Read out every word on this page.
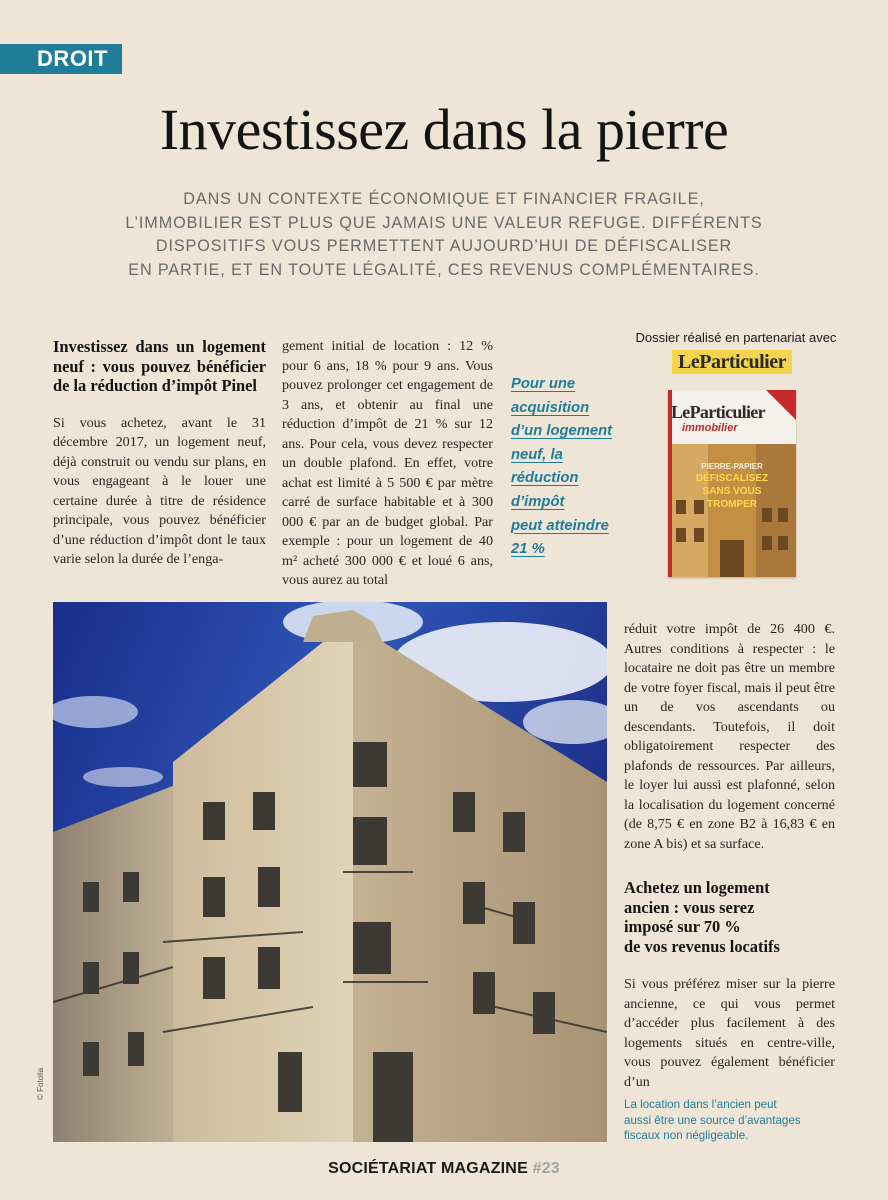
DROIT
Investissez dans la pierre
DANS UN CONTEXTE ÉCONOMIQUE ET FINANCIER FRAGILE,
L’IMMOBILIER EST PLUS QUE JAMAIS UNE VALEUR REFUGE. DIFFÉRENTS
DISPOSITIFS VOUS PERMETTENT AUJOURD’HUI DE DÉFISCALISER
EN PARTIE, ET EN TOUTE LÉGALITÉ, CES REVENUS COMPLÉMENTAIRES.
Investissez dans un logement neuf : vous pouvez bénéficier de la réduction d’impôt Pinel

Si vous achetez, avant le 31 décembre 2017, un logement neuf, déjà construit ou vendu sur plans, en vous engageant à le louer une certaine durée à titre de résidence principale, vous pouvez bénéficier d’une réduction d’impôt dont le taux varie selon la durée de l’enga-

gement initial de location : 12 % pour 6 ans, 18 % pour 9 ans. Vous pouvez prolonger cet engagement de 3 ans, et obtenir au final une réduction d’impôt de 21 % sur 12 ans. Pour cela, vous devez respecter un double plafond. En effet, votre achat est limité à 5 500 € par mètre carré de surface habitable et à 300 000 € par an de budget global. Par exemple : pour un logement de 40 m² acheté 300 000 € et loué 6 ans, vous aurez au total

Pour une
acquisition
d’un logement
neuf, la
réduction
d’impôt
peut atteindre
21 %
Dossier réalisé en partenariat avec
LeParticulier
LeParticulier
immobilier
PIERRE-PAPIER
DÉFISCALISEZ
SANS VOUS
TROMPER
© Fotolia

réduit votre impôt de 26 400 €. Autres conditions à respecter : le locataire ne doit pas être un membre de votre foyer fiscal, mais il peut être un de vos ascendants ou descendants. Toutefois, il doit obligatoirement respecter des plafonds de ressources. Par ailleurs, le loyer lui aussi est plafonné, selon la localisation du logement concerné (de 8,75 € en zone B2 à 16,83 € en zone A bis) et sa surface.

Achetez un logement
ancien : vous serez
imposé sur 70 %
de vos revenus locatifs

Si vous préférez miser sur la pierre ancienne, ce qui vous permet d’accéder plus facilement à des logements situés en centre-ville, vous pouvez également bénéficier d’un

La location dans l’ancien peut
aussi être une source d’avantages
fiscaux non négligeable.
SOCIÉTARIAT MAGAZINE #23
